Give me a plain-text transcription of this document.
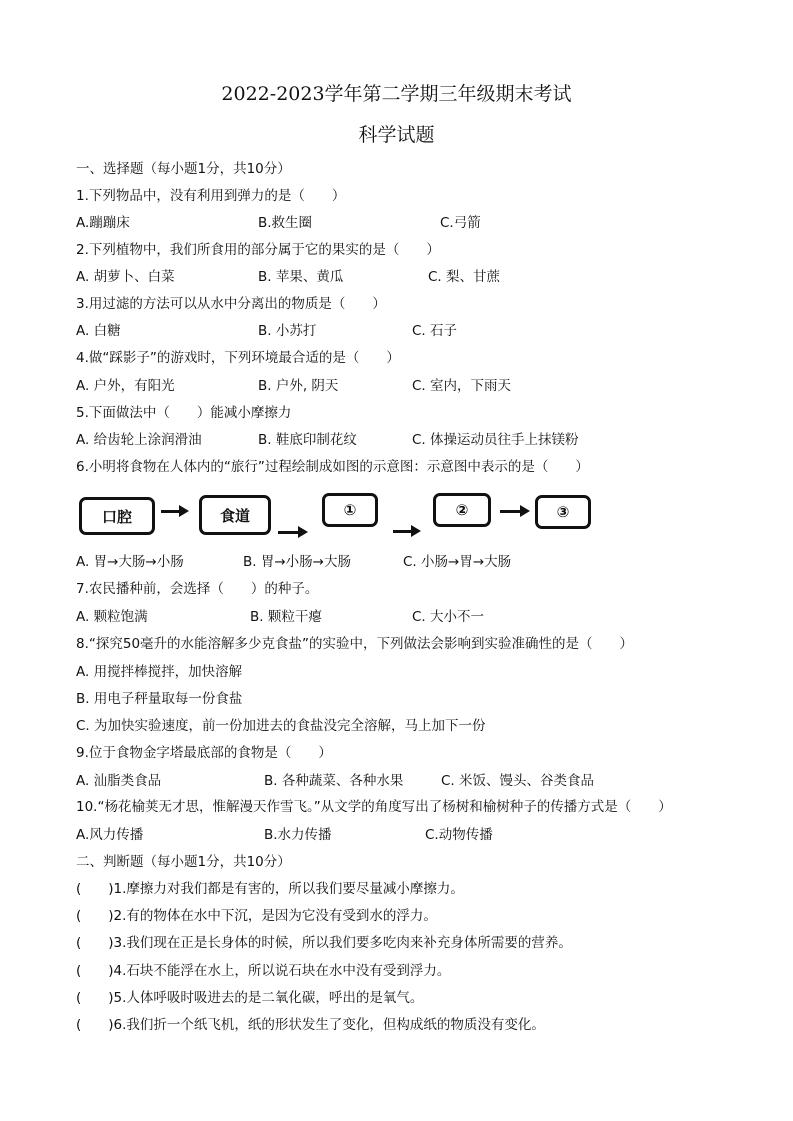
2022-2023学年第二学期三年级期末考试
科学试题
一、选择题（每小题1分，共10分）
1.下列物品中，没有利用到弹力的是（　　）
A.蹦蹦床	B.救生圈	C.弓箭
2.下列植物中，我们所食用的部分属于它的果实的是（　　）
A. 胡萝卜、白菜	B. 苹果、黄瓜	C. 梨、甘蔗
3.用过滤的方法可以从水中分离出的物质是（　　）
A. 白糖	B. 小苏打	C. 石子
4.做“踩影子”的游戏时，下列环境最合适的是（　　）
A. 户外，有阳光	B. 户外, 阴天	C. 室内，下雨天
5.下面做法中（　　）能减小摩擦力
A. 给齿轮上涂润滑油	B. 鞋底印制花纹	C. 体操运动员往手上抹镁粉
6.小明将食物在人体内的“旅行”过程绘制成如图的示意图：示意图中表示的是（　　）
口腔	食道	①	②	③
A. 胃→大肠→小肠	B. 胃→小肠→大肠	C. 小肠→胃→大肠
7.农民播种前，会选择（　　）的种子。
A. 颗粒饱满	B. 颗粒干瘪	C. 大小不一
8.“探究50毫升的水能溶解多少克食盐”的实验中，下列做法会影响到实验准确性的是（　　）
A. 用搅拌棒搅拌，加快溶解
B. 用电子秤量取每一份食盐
C. 为加快实验速度，前一份加进去的食盐没完全溶解，马上加下一份
9.位于食物金字塔最底部的食物是（　　）
A. 汕脂类食品	B. 各种蔬菜、各种水果	C. 米饭、馒头、谷类食品
10.“杨花榆荚无才思，惟解漫天作雪飞。”从文学的角度写出了杨树和榆树种子的传播方式是（　　）
A.风力传播	B.水力传播	C.动物传播
二、判断题（每小题1分，共10分）
(　　)1.摩擦力对我们都是有害的，所以我们要尽量减小摩擦力。
(　　)2.有的物体在水中下沉，是因为它没有受到水的浮力。
(　　)3.我们现在正是长身体的时候，所以我们要多吃肉来补充身体所需要的营养。
(　　)4.石块不能浮在水上，所以说石块在水中没有受到浮力。
(　　)5.人体呼吸时吸进去的是二氧化碳，呼出的是氧气。
(　　)6.我们折一个纸飞机，纸的形状发生了变化，但构成纸的物质没有变化。
